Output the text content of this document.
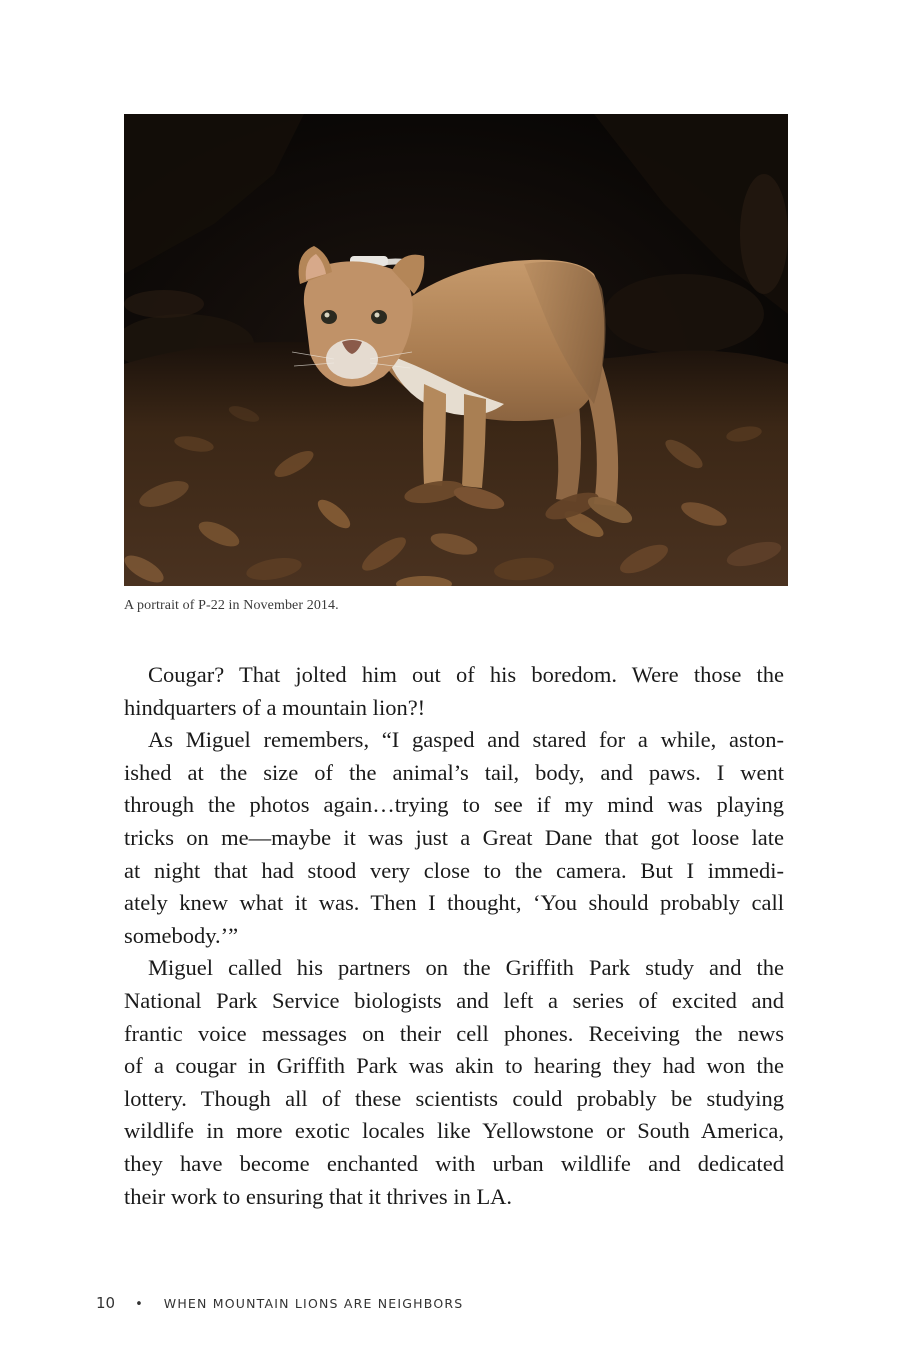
A portrait of P-22 in November 2014.

Cougar? That jolted him out of his boredom. Were those the
hindquarters of a mountain lion?!

As Miguel remembers, “I gasped and stared for a while, aston-
ished at the size of the animal’s tail, body, and paws. I went
through the photos again…trying to see if my mind was playing
tricks on me—maybe it was just a Great Dane that got loose late
at night that had stood very close to the camera. But I immedi-
ately knew what it was. Then I thought, ‘You should probably call
somebody.’”

Miguel called his partners on the Griffith Park study and the
National Park Service biologists and left a series of excited and
frantic voice messages on their cell phones. Receiving the news
of a cougar in Griffith Park was akin to hearing they had won the
lottery. Though all of these scientists could probably be studying
wildlife in more exotic locales like Yellowstone or South America,
they have become enchanted with urban wildlife and dedicated
their work to ensuring that it thrives in LA.

10 • WHEN MOUNTAIN LIONS ARE NEIGHBORS
